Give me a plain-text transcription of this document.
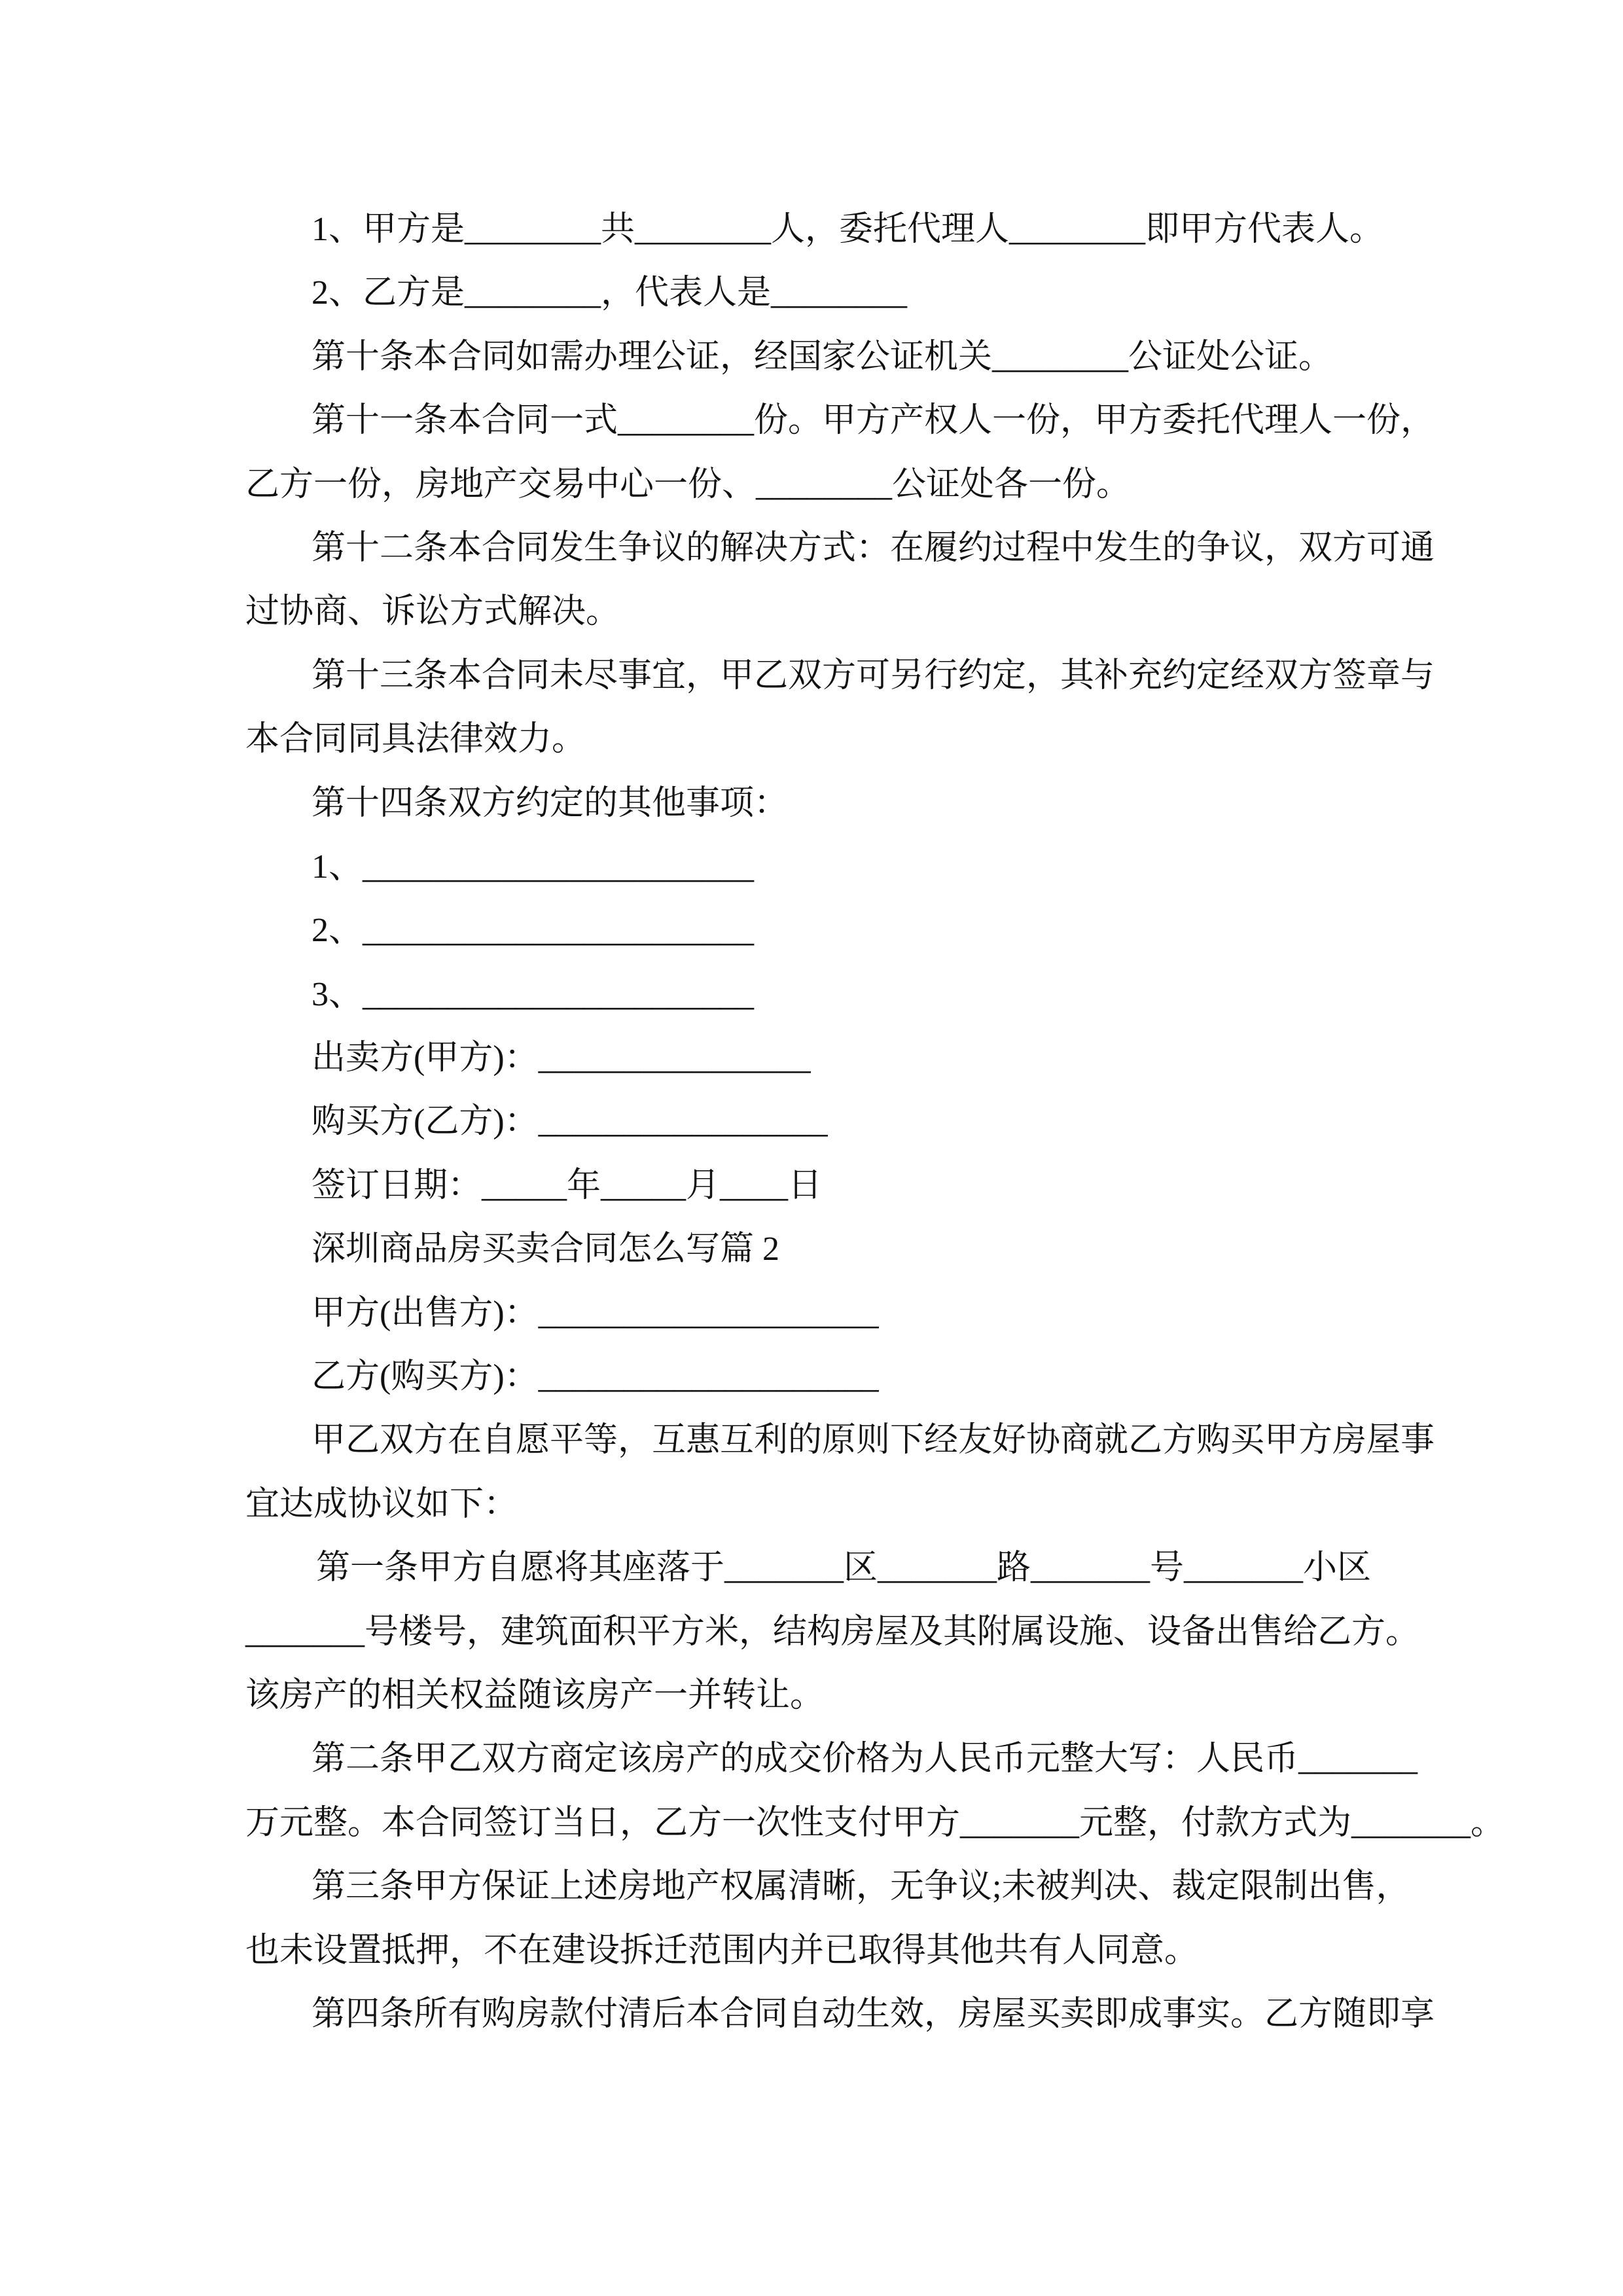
1、甲方是________共________人，委托代理人________即甲方代表人。
2、乙方是________，代表人是________
第十条本合同如需办理公证，经国家公证机关________公证处公证。
第十一条本合同一式________份。甲方产权人一份，甲方委托代理人一份，
乙方一份，房地产交易中心一份、________公证处各一份。
第十二条本合同发生争议的解决方式：在履约过程中发生的争议，双方可通
过协商、诉讼方式解决。
第十三条本合同未尽事宜，甲乙双方可另行约定，其补充约定经双方签章与
本合同同具法律效力。
第十四条双方约定的其他事项：
1、_______________________
2、_______________________
3、_______________________
出卖方(甲方)：________________
购买方(乙方)：_________________
签订日期：_____年_____月____日
深圳商品房买卖合同怎么写篇 2
甲方(出售方)：____________________
乙方(购买方)：____________________
甲乙双方在自愿平等，互惠互利的原则下经友好协商就乙方购买甲方房屋事
宜达成协议如下：
第一条甲方自愿将其座落于_______区_______路_______号_______小区
_______号楼号，建筑面积平方米，结构房屋及其附属设施、设备出售给乙方。
该房产的相关权益随该房产一并转让。
第二条甲乙双方商定该房产的成交价格为人民币元整大写：人民币_______
万元整。本合同签订当日，乙方一次性支付甲方_______元整，付款方式为_______。
第三条甲方保证上述房地产权属清晰，无争议;未被判决、裁定限制出售，
也未设置抵押，不在建设拆迁范围内并已取得其他共有人同意。
第四条所有购房款付清后本合同自动生效，房屋买卖即成事实。乙方随即享
